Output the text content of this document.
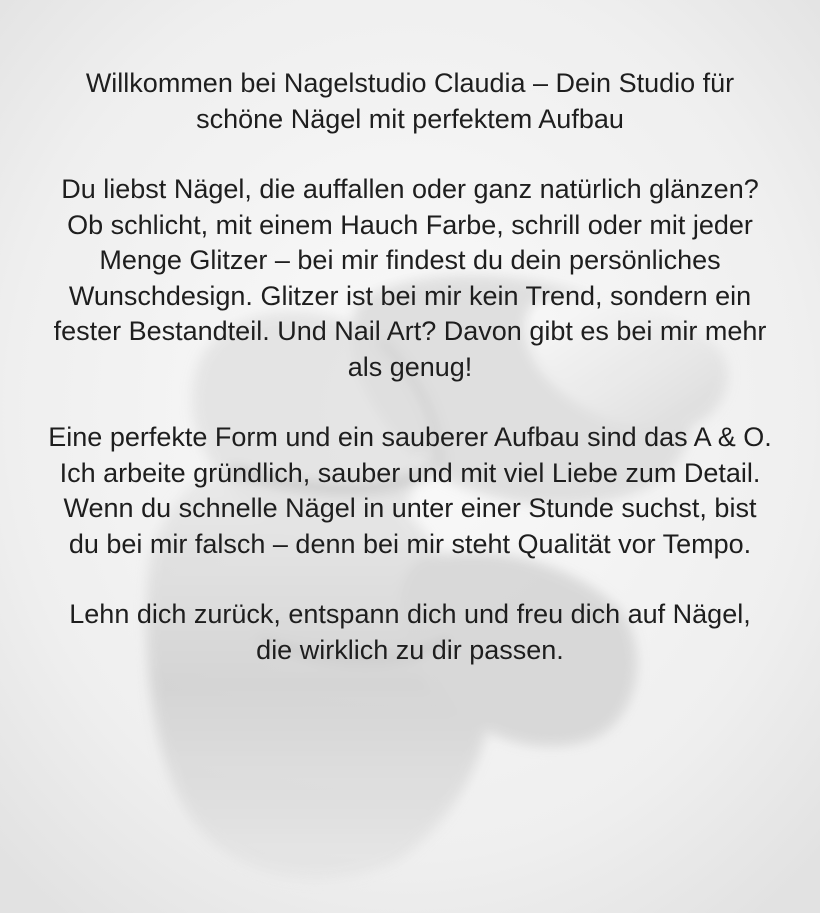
Willkommen bei Nagelstudio Claudia – Dein Studio für schöne Nägel mit perfektem Aufbau

Du liebst Nägel, die auffallen oder ganz natürlich glänzen? Ob schlicht, mit einem Hauch Farbe, schrill oder mit jeder Menge Glitzer – bei mir findest du dein persönliches Wunschdesign. Glitzer ist bei mir kein Trend, sondern ein fester Bestandteil. Und Nail Art? Davon gibt es bei mir mehr als genug!

Eine perfekte Form und ein sauberer Aufbau sind das A & O. Ich arbeite gründlich, sauber und mit viel Liebe zum Detail. Wenn du schnelle Nägel in unter einer Stunde suchst, bist du bei mir falsch – denn bei mir steht Qualität vor Tempo.

Lehn dich zurück, entspann dich und freu dich auf Nägel, die wirklich zu dir passen.
